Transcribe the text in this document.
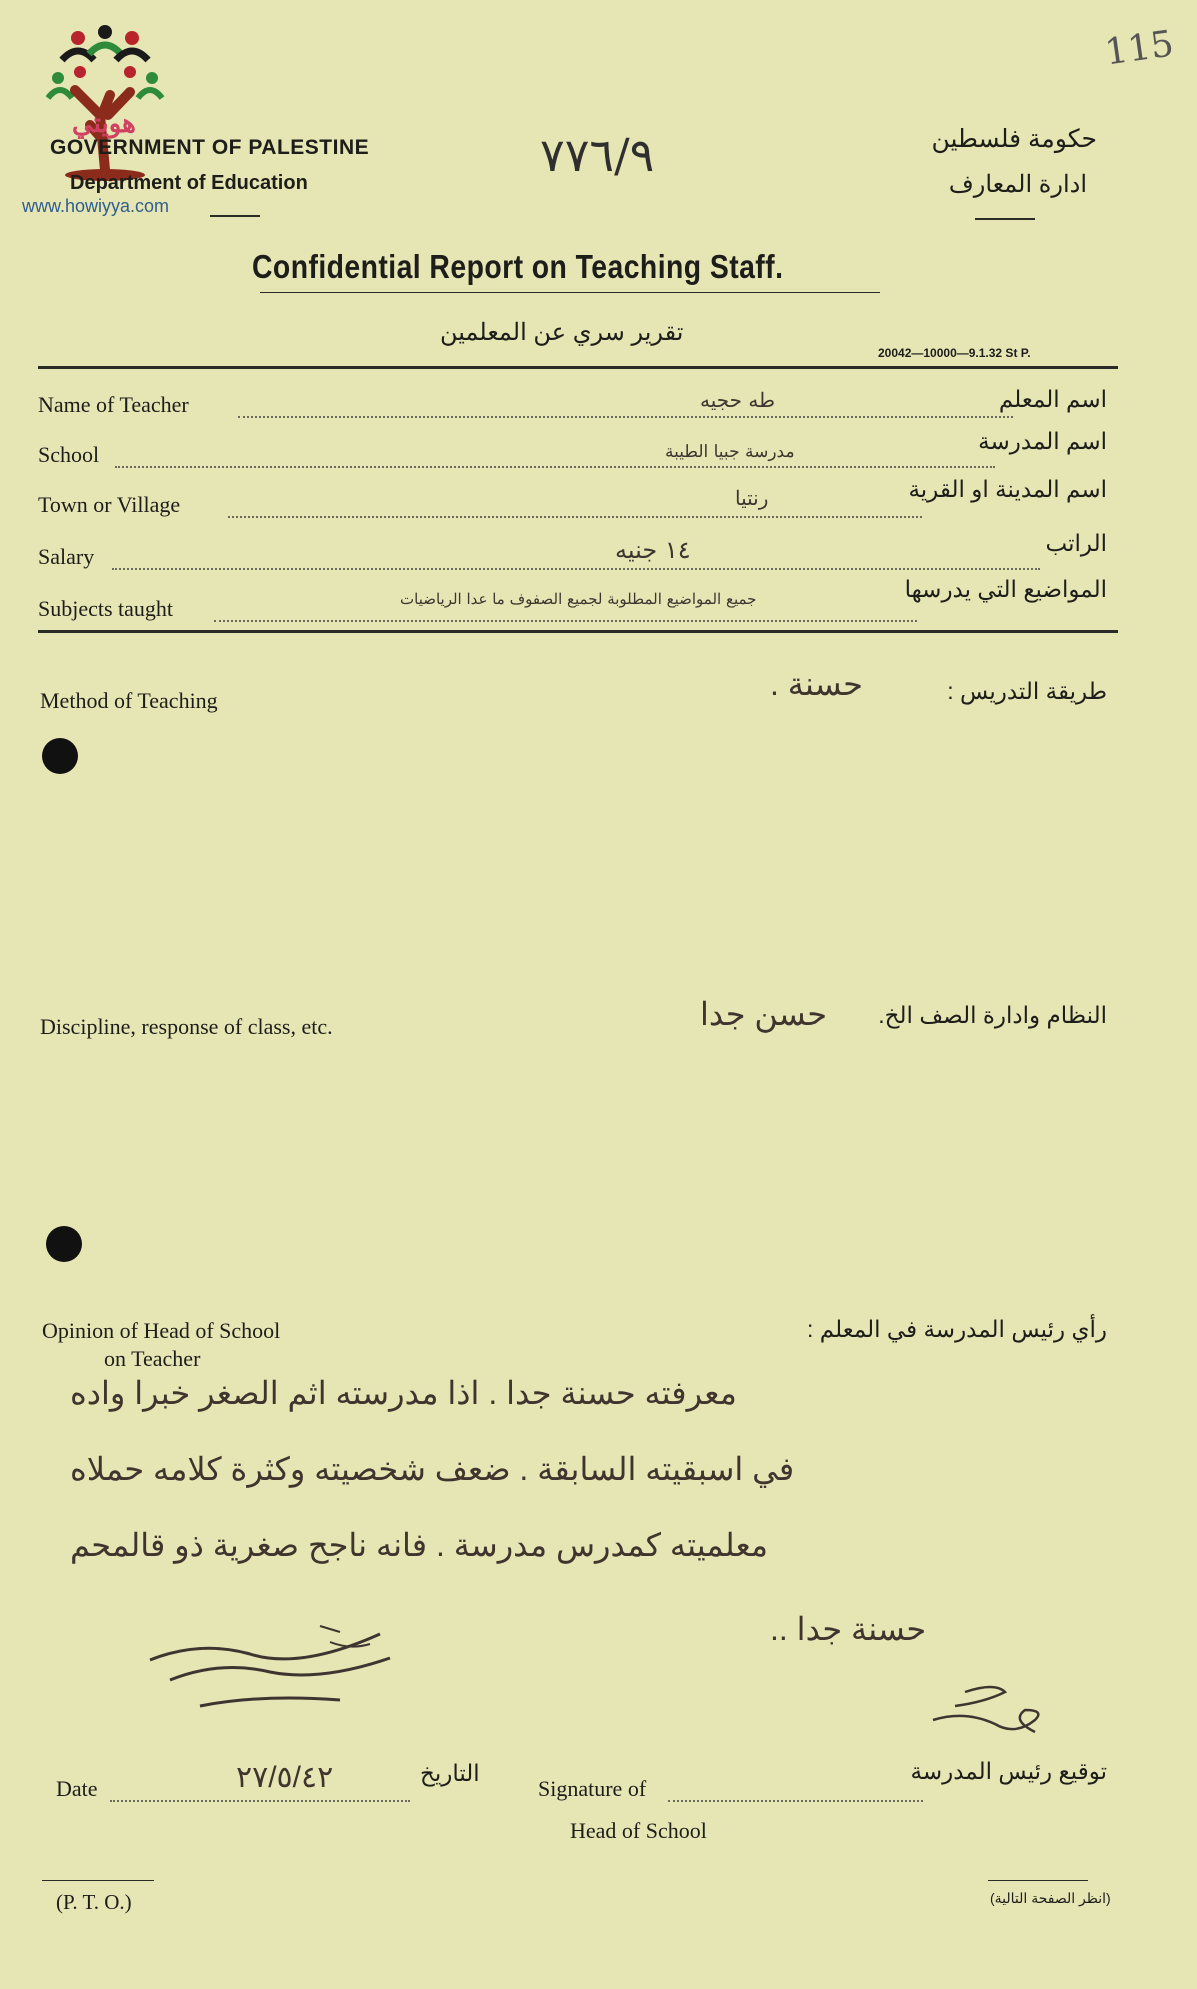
هويتي
www.howiyya.com
GOVERNMENT OF PALESTINE
Department of Education
٧٧٦/٩
115
حكومة فلسطين
ادارة المعارف
Confidential Report on Teaching Staff.
تقرير سري عن المعلمين
20042—10000—9.1.32 St P.
Name of Teacher	طه حجيه	اسم المعلم
School	مدرسة جبيا الطيبة	اسم المدرسة
Town or Village	رنتيا	اسم المدينة او القرية
Salary	١٤ جنيه	الراتب
Subjects taught	جميع المواضيع المطلوبة لجميع الصفوف ما عدا الرياضيات	المواضيع التي يدرسها
Method of Teaching	طريقة التدريس :
حسنة .
Discipline, response of class, etc.	النظام وادارة الصف الخ.
حسن جدا
Opinion of Head of School
on Teacher
رأي رئيس المدرسة في المعلم :
معرفته حسنة جدا . اذا مدرسته اثم الصغر خبرا واده
في اسبقيته السابقة . ضعف شخصيته وكثرة كلامه حملاه
معلميته كمدرس مدرسة . فانه ناجح صغرية ذو قالمحم
حسنة جدا ..
Date	٢٧/٥/٤٢	التاريخ
Signature of
Head of School
توقيع رئيس المدرسة
(P. T. O.)	(انظر الصفحة التالية)
